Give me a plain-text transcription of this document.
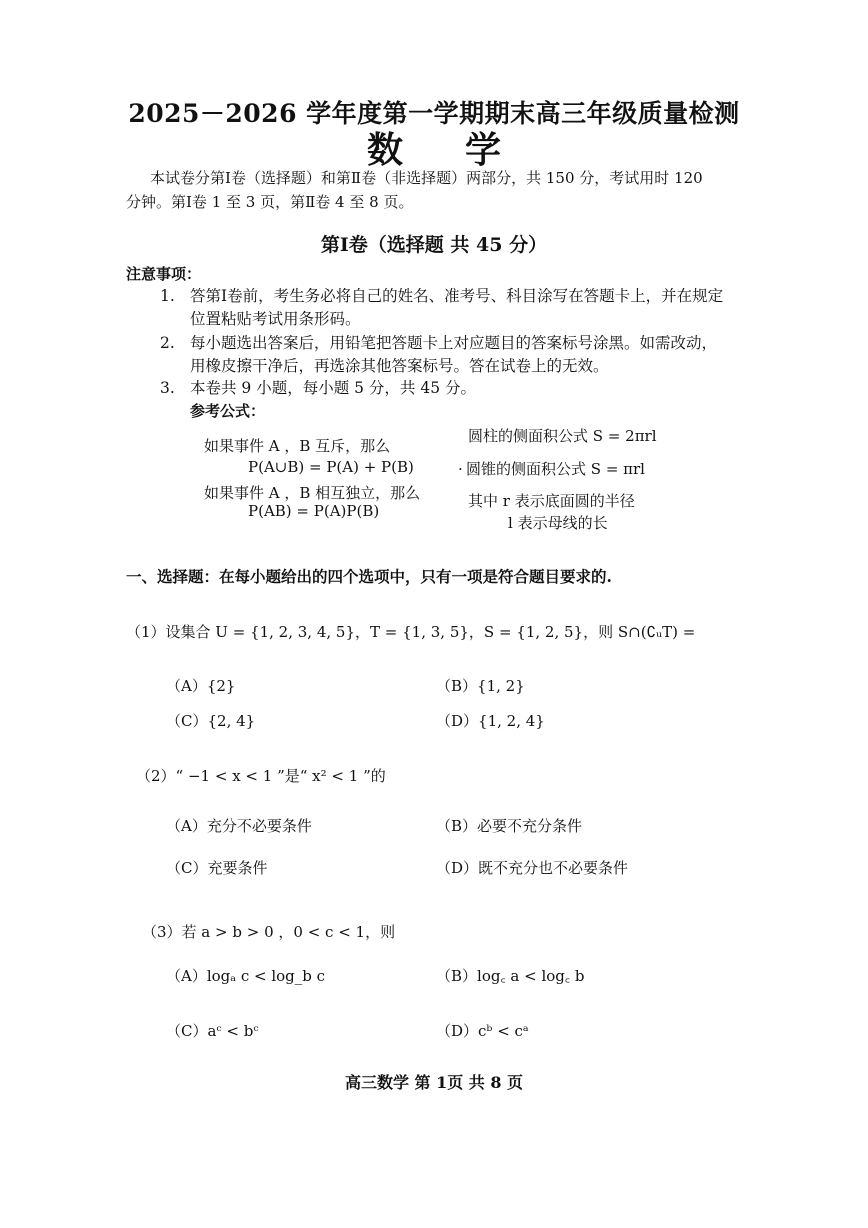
2025－2026 学年度第一学期期末高三年级质量检测
数学
本试卷分第Ⅰ卷（选择题）和第Ⅱ卷（非选择题）两部分，共 150 分，考试用时 120
分钟。第Ⅰ卷 1 至 3 页，第Ⅱ卷 4 至 8 页。
第Ⅰ卷（选择题 共 45 分）
注意事项：
1. 答第Ⅰ卷前，考生务必将自己的姓名、准考号、科目涂写在答题卡上，并在规定
位置粘贴考试用条形码。
2. 每小题选出答案后，用铅笔把答题卡上对应题目的答案标号涂黑。如需改动，
用橡皮擦干净后，再选涂其他答案标号。答在试卷上的无效。
3. 本卷共 9 小题，每小题 5 分，共 45 分。
参考公式：
如果事件 A ，B 互斥，那么
P(A∪B) = P(A) + P(B)
如果事件 A ，B 相互独立，那么
P(AB) = P(A)P(B)
圆柱的侧面积公式 S = 2πrl
· 圆锥的侧面积公式 S = πrl
其中 r 表示底面圆的半径
l 表示母线的长
一、选择题：在每小题给出的四个选项中，只有一项是符合题目要求的.
（1）设集合 U = {1, 2, 3, 4, 5}，T = {1, 3, 5}，S = {1, 2, 5}，则 S∩(∁ᵤT) =
（A）{2}	（B）{1, 2}
（C）{2, 4}	（D）{1, 2, 4}
（2）“ −1 < x < 1 ”是“ x² < 1 ”的
（A）充分不必要条件	（B）必要不充分条件
（C）充要条件	（D）既不充分也不必要条件
（3）若 a > b > 0 ，0 < c < 1，则
（A）logₐ c < log_b c	（B）log꜀ a < log꜀ b
（C）aᶜ < bᶜ	（D）cᵇ < cᵃ
高三数学 第 1页 共 8 页
